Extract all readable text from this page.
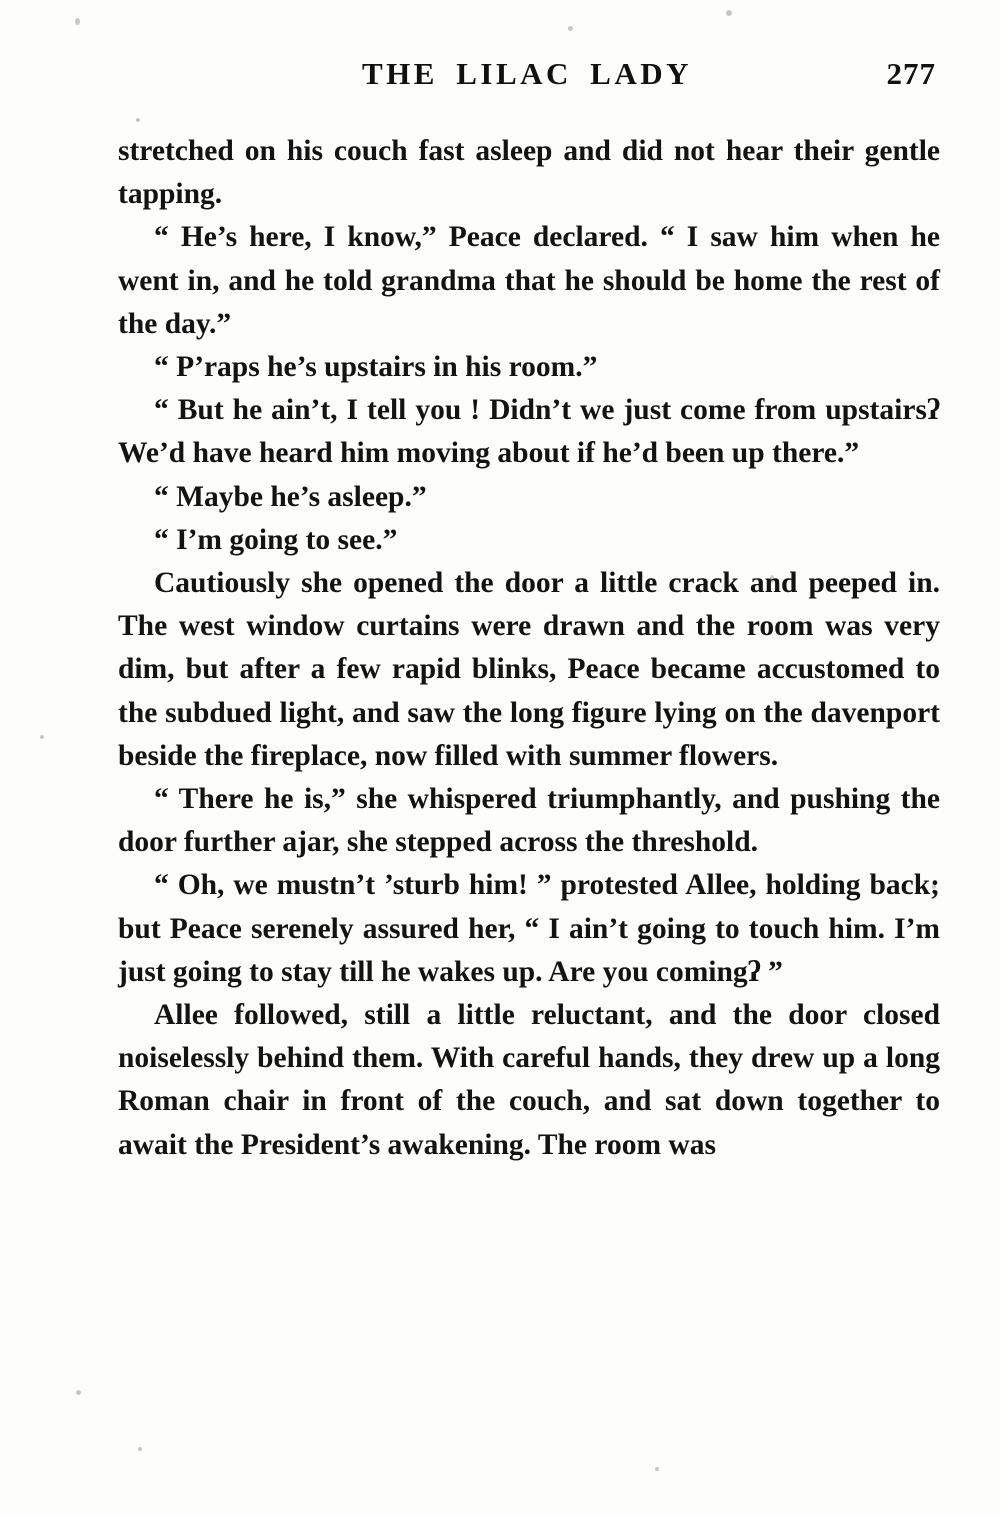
THE LILAC LADY	277

stretched on his couch fast asleep and did not hear their gentle tapping.

“ He’s here, I know,” Peace declared. “ I saw him when he went in, and he told grandma that he should be home the rest of the day.”

“ P’raps he’s upstairs in his room.”

“ But he ain’t, I tell you ! Didn’t we just come from upstairsʔ We’d have heard him moving about if he’d been up there.”

“ Maybe he’s asleep.”

“ I’m going to see.”

Cautiously she opened the door a little crack and peeped in. The west window curtains were drawn and the room was very dim, but after a few rapid blinks, Peace became accustomed to the subdued light, and saw the long figure lying on the davenport beside the fireplace, now filled with summer flowers.

“ There he is,” she whispered triumphantly, and pushing the door further ajar, she stepped across the threshold.

“ Oh, we mustn’t ’sturb him! ” protested Allee, holding back; but Peace serenely assured her, “ I ain’t going to touch him. I’m just going to stay till he wakes up. Are you comingʔ ”

Allee followed, still a little reluctant, and the door closed noiselessly behind them. With careful hands, they drew up a long Roman chair in front of the couch, and sat down together to await the President’s awakening. The room was
